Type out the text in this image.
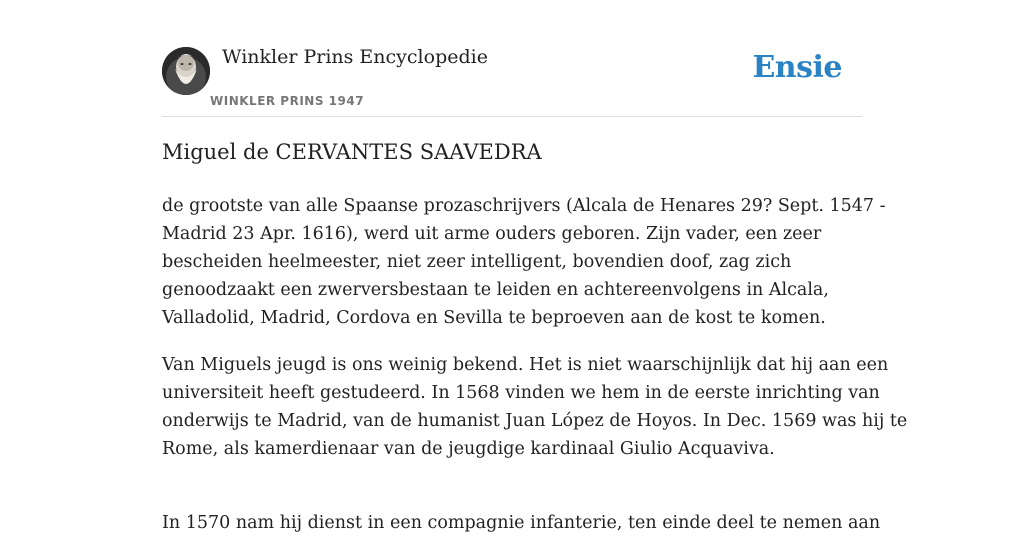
Winkler Prins Encyclopedie
WINKLER PRINS 1947
Ensie
Miguel de CERVANTES SAAVEDRA

de grootste van alle Spaanse prozaschrijvers (Alcala de Henares 29? Sept. 1547 -
Madrid 23 Apr. 1616), werd uit arme ouders geboren. Zijn vader, een zeer
bescheiden heelmeester, niet zeer intelligent, bovendien doof, zag zich
genoodzaakt een zwerversbestaan te leiden en achtereenvolgens in Alcala,
Valladolid, Madrid, Cordova en Sevilla te beproeven aan de kost te komen.

Van Miguels jeugd is ons weinig bekend. Het is niet waarschijnlijk dat hij aan een
universiteit heeft gestudeerd. In 1568 vinden we hem in de eerste inrichting van
onderwijs te Madrid, van de humanist Juan López de Hoyos. In Dec. 1569 was hij te
Rome, als kamerdienaar van de jeugdige kardinaal Giulio Acquaviva.

In 1570 nam hij dienst in een compagnie infanterie, ten einde deel te nemen aan
